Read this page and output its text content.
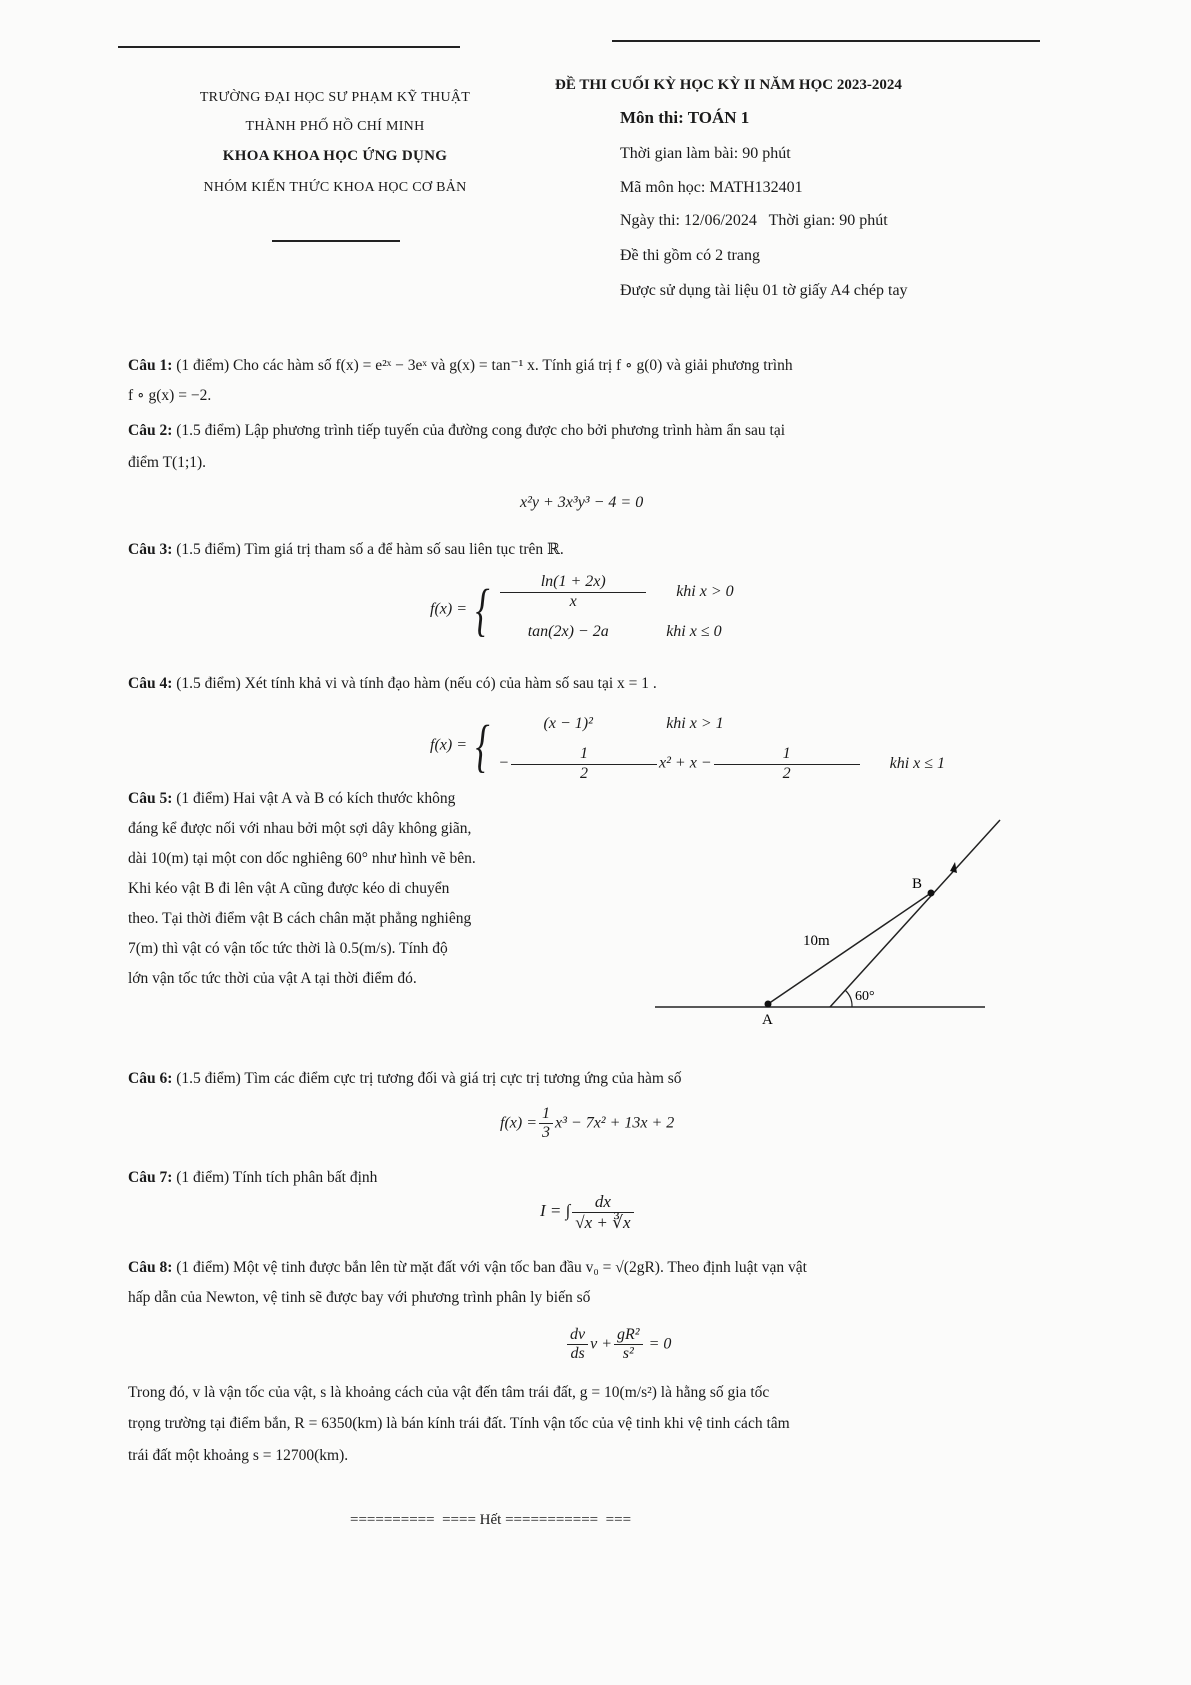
TRƯỜNG ĐẠI HỌC SƯ PHẠM KỸ THUẬT
THÀNH PHỐ HỒ CHÍ MINH
KHOA KHOA HỌC ỨNG DỤNG
NHÓM KIẾN THỨC KHOA HỌC CƠ BẢN
ĐỀ THI CUỐI KỲ HỌC KỲ II NĂM HỌC 2023-2024
Môn thi: TOÁN 1
Thời gian làm bài: 90 phút
Mã môn học: MATH132401
Ngày thi: 12/06/2024   Thời gian: 90 phút
Đề thi gồm có 2 trang
Được sử dụng tài liệu 01 tờ giấy A4 chép tay
Câu 1: (1 điểm) Cho các hàm số f(x) = e²ˣ − 3eˣ và g(x) = tan⁻¹ x. Tính giá trị f ∘ g(0) và giải phương trình
f ∘ g(x) = −2.
Câu 2: (1.5 điểm) Lập phương trình tiếp tuyến của đường cong được cho bởi phương trình hàm ẩn sau tại
điểm T(1;1).
x²y + 3x³y³ − 4 = 0
Câu 3: (1.5 điểm) Tìm giá trị tham số a để hàm số sau liên tục trên ℝ.
f(x) = { $\frac{\ln(1 + 2x)}{x}$ khi x > 0
tan(2x) − 2a	khi x ≤ 0
Câu 4: (1.5 điểm) Xét tính khả vi và tính đạo hàm (nếu có) của hàm số sau tại x = 1 .
f(x) = {	(x − 1)²	khi x > 1
− $\frac{1}{2} x^2 + x - \frac{1}{2}$ khi x ≤ 1
Câu 5: (1 điểm) Hai vật A và B có kích thước không
đáng kể được nối với nhau bởi một sợi dây không giãn,
dài 10(m) tại một con dốc nghiêng 60° như hình vẽ bên.
Khi kéo vật B đi lên vật A cũng được kéo di chuyển
theo. Tại thời điểm vật B cách chân mặt phẳng nghiêng
7(m) thì vật có vận tốc tức thời là 0.5(m/s). Tính độ
lớn vận tốc tức thời của vật A tại thời điểm đó.
A
B
10m
60°
Câu 6: (1.5 điểm) Tìm các điểm cực trị tương đối và giá trị cực trị tương ứng của hàm số
$f(x) = \frac{1}{3} x^3 - 7x^2 + 13x + 2$
Câu 7: (1 điểm) Tính tích phân bất định
I = ∫ $\frac{dx}{√x + ∛x}$
Câu 8: (1 điểm) Một vệ tinh được bắn lên từ mặt đất với vận tốc ban đầu v₀ = √(2gR). Theo định luật vạn vật
hấp dẫn của Newton, vệ tinh sẽ được bay với phương trình phân ly biến số
$\frac{dv}{ds}$ $v + \frac{\text{gR²}}{\text{s²}} = 0$
Trong đó, v là vận tốc của vật, s là khoảng cách của vật đến tâm trái đất, g = 10(m/s²) là hằng số gia tốc
trọng trường tại điểm bắn, R = 6350(km) là bán kính trái đất. Tính vận tốc của vệ tinh khi vệ tinh cách tâm
trái đất một khoảng s = 12700(km).
==========  ==== Hết ===========  ===
